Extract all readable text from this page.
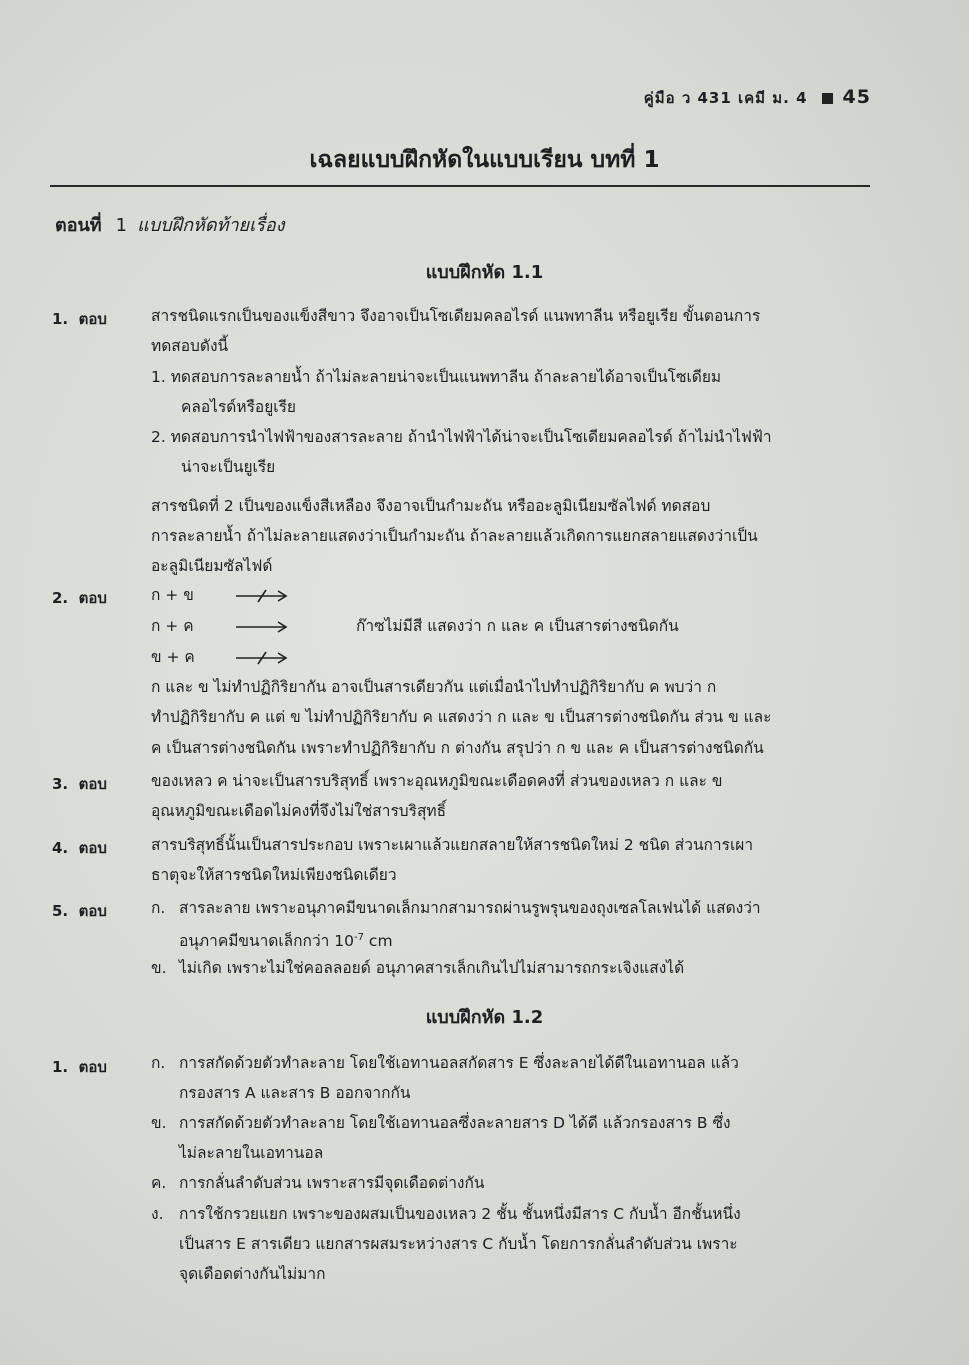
คู่มือ ว 431 เคมี ม. 4 45
เฉลยแบบฝึกหัดในแบบเรียน บทที่ 1
ตอนที่ 1 แบบฝึกหัดท้ายเรื่อง
แบบฝึกหัด 1.1
1. ตอบ	สารชนิดแรกเป็นของแข็งสีขาว จึงอาจเป็นโซเดียมคลอไรด์ แนพทาลีน หรือยูเรีย ขั้นตอนการ
ทดสอบดังนี้
1. ทดสอบการละลายน้ำ ถ้าไม่ละลายน่าจะเป็นแนพทาลีน ถ้าละลายได้อาจเป็นโซเดียม
คลอไรด์หรือยูเรีย
2. ทดสอบการนำไฟฟ้าของสารละลาย ถ้านำไฟฟ้าได้น่าจะเป็นโซเดียมคลอไรด์ ถ้าไม่นำไฟฟ้า
น่าจะเป็นยูเรีย
สารชนิดที่ 2 เป็นของแข็งสีเหลือง จึงอาจเป็นกำมะถัน หรืออะลูมิเนียมซัลไฟด์ ทดสอบ
การละลายน้ำ ถ้าไม่ละลายแสดงว่าเป็นกำมะถัน ถ้าละลายแล้วเกิดการแยกสลายแสดงว่าเป็น
อะลูมิเนียมซัลไฟด์
2. ตอบ	ก + ข
ก + ค	ก๊าซไม่มีสี แสดงว่า ก และ ค เป็นสารต่างชนิดกัน
ข + ค
ก และ ข ไม่ทำปฏิกิริยากัน อาจเป็นสารเดียวกัน แต่เมื่อนำไปทำปฏิกิริยากับ ค พบว่า ก
ทำปฏิกิริยากับ ค แต่ ข ไม่ทำปฏิกิริยากับ ค แสดงว่า ก และ ข เป็นสารต่างชนิดกัน ส่วน ข และ
ค เป็นสารต่างชนิดกัน เพราะทำปฏิกิริยากับ ก ต่างกัน สรุปว่า ก ข และ ค เป็นสารต่างชนิดกัน
3. ตอบ	ของเหลว ค น่าจะเป็นสารบริสุทธิ์ เพราะอุณหภูมิขณะเดือดคงที่ ส่วนของเหลว ก และ ข
อุณหภูมิขณะเดือดไม่คงที่จึงไม่ใช่สารบริสุทธิ์
4. ตอบ	สารบริสุทธิ์นั้นเป็นสารประกอบ เพราะเผาแล้วแยกสลายให้สารชนิดใหม่ 2 ชนิด ส่วนการเผา
ธาตุจะให้สารชนิดใหม่เพียงชนิดเดียว
5. ตอบ	ก. สารละลาย เพราะอนุภาคมีขนาดเล็กมากสามารถผ่านรูพรุนของถุงเซลโลเฟนได้ แสดงว่า
อนุภาคมีขนาดเล็กกว่า $10^{-7}$ cm
ข. ไม่เกิด เพราะไม่ใช่คอลลอยด์ อนุภาคสารเล็กเกินไปไม่สามารถกระเจิงแสงได้
แบบฝึกหัด 1.2
1. ตอบ	ก. การสกัดด้วยตัวทำละลาย โดยใช้เอทานอลสกัดสาร E ซึ่งละลายได้ดีในเอทานอล แล้ว
กรองสาร A และสาร B ออกจากกัน
ข. การสกัดด้วยตัวทำละลาย โดยใช้เอทานอลซึ่งละลายสาร D ได้ดี แล้วกรองสาร B ซึ่ง
ไม่ละลายในเอทานอล
ค. การกลั่นลำดับส่วน เพราะสารมีจุดเดือดต่างกัน
ง. การใช้กรวยแยก เพราะของผสมเป็นของเหลว 2 ชั้น ชั้นหนึ่งมีสาร C กับน้ำ อีกชั้นหนึ่ง
เป็นสาร E สารเดียว แยกสารผสมระหว่างสาร C กับน้ำ โดยการกลั่นลำดับส่วน เพราะ
จุดเดือดต่างกันไม่มาก
